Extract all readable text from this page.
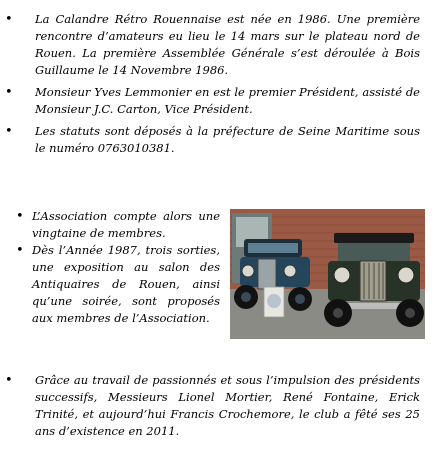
• La Calandre Rétro Rouennaise est née en 1986. Une première rencontre d’amateurs eu lieu le 14 mars sur le plateau nord de Rouen. La première Assemblée Générale s’est déroulée à Bois Guillaume le 14 Novembre 1986.
• Monsieur Yves Lemmonier en est le premier Président, assisté de Monsieur J.C. Carton, Vice Président.
• Les statuts sont déposés à la préfecture de Seine Maritime sous le numéro 0763010381.
• L’Association compte alors une vingtaine de membres.
• Dès l’Année 1987, trois sorties, une exposition au salon des Antiquaires de Rouen, ainsi qu’une soirée, sont proposés aux membres de l’Association.
• Grâce au travail de passionnés et sous l’impulsion des présidents successifs, Messieurs Lionel Mortier, René Fontaine, Erick Trinité, et aujourd’hui Francis Crochemore, le club a fêté ses 25 ans d’existence en 2011.
